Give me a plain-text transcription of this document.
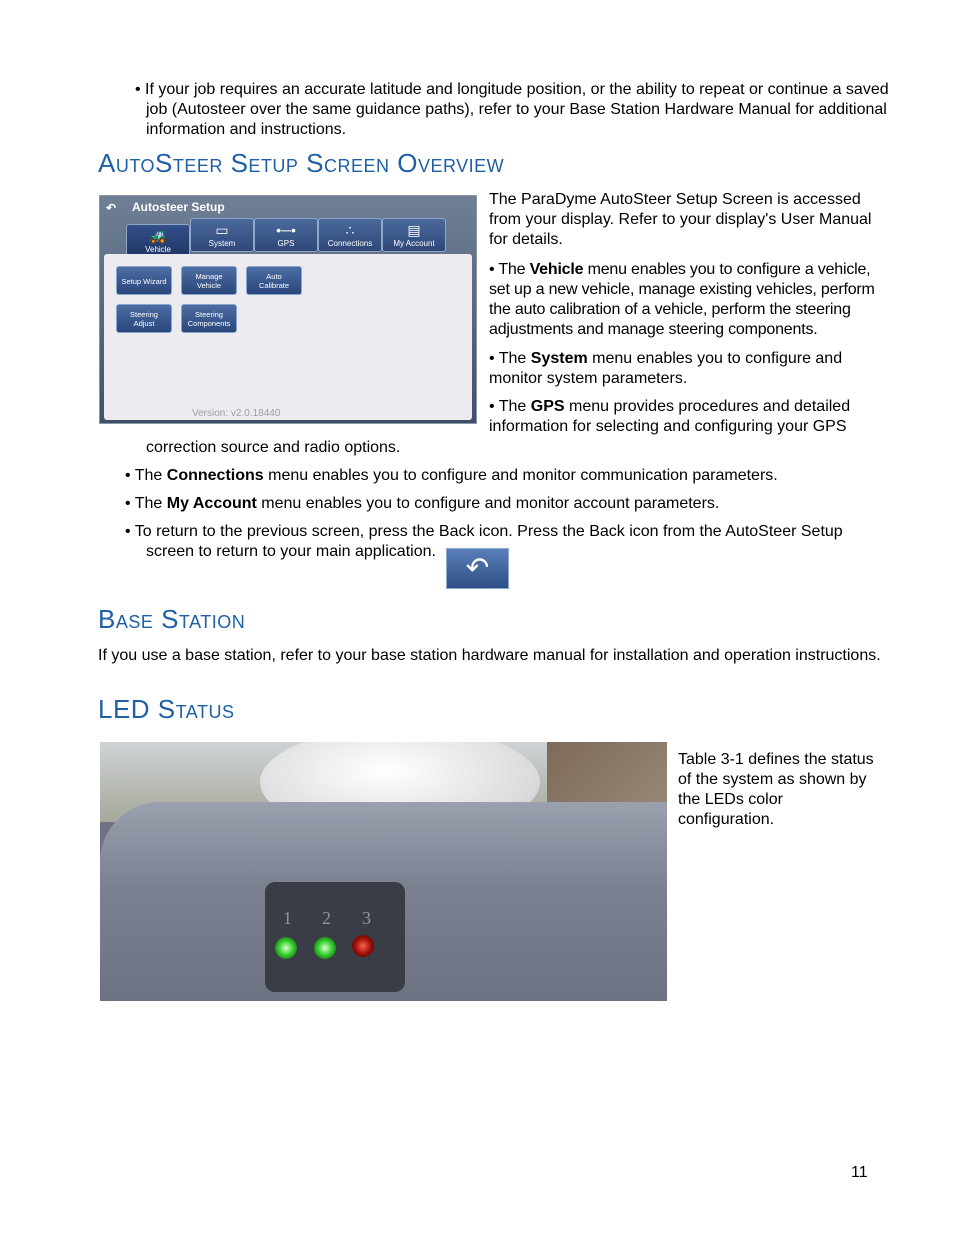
• If your job requires an accurate latitude and longitude position, or the ability to repeat or continue a saved job (Autosteer over the same guidance paths), refer to your Base Station Hardware Manual for additional information and instructions.
AutoSteer Setup Screen Overview
↶ Autosteer Setup
🚜
Vehicle
▭
System
•─•
GPS
∴
Connections
▤
My Account
Setup Wizard
Manage
Vehicle
Auto
Calibrate
Steering
Adjust
Steering
Components
Version: v2.0.18440

The ParaDyme AutoSteer Setup Screen is accessed from your display. Refer to your display's User Manual for details.

• The Vehicle menu enables you to configure a vehicle, set up a new vehicle, manage existing vehicles, perform the auto calibration of a vehicle, perform the steering adjustments and manage steering components.

• The System menu enables you to configure and monitor system parameters.

• The GPS menu provides procedures and detailed information for selecting and configuring your GPS

correction source and radio options.

• The Connections menu enables you to configure and monitor communication parameters.

• The My Account menu enables you to configure and monitor account parameters.

• To return to the previous screen, press the Back icon. Press the Back icon from the AutoSteer Setup

screen to return to your main application.

↶
Base Station

If you use a base station, refer to your base station hardware manual for installation and operation instructions.

LED Status
1 2 3

Table 3-1 defines the status of the system as shown by the LEDs color configuration.

11
